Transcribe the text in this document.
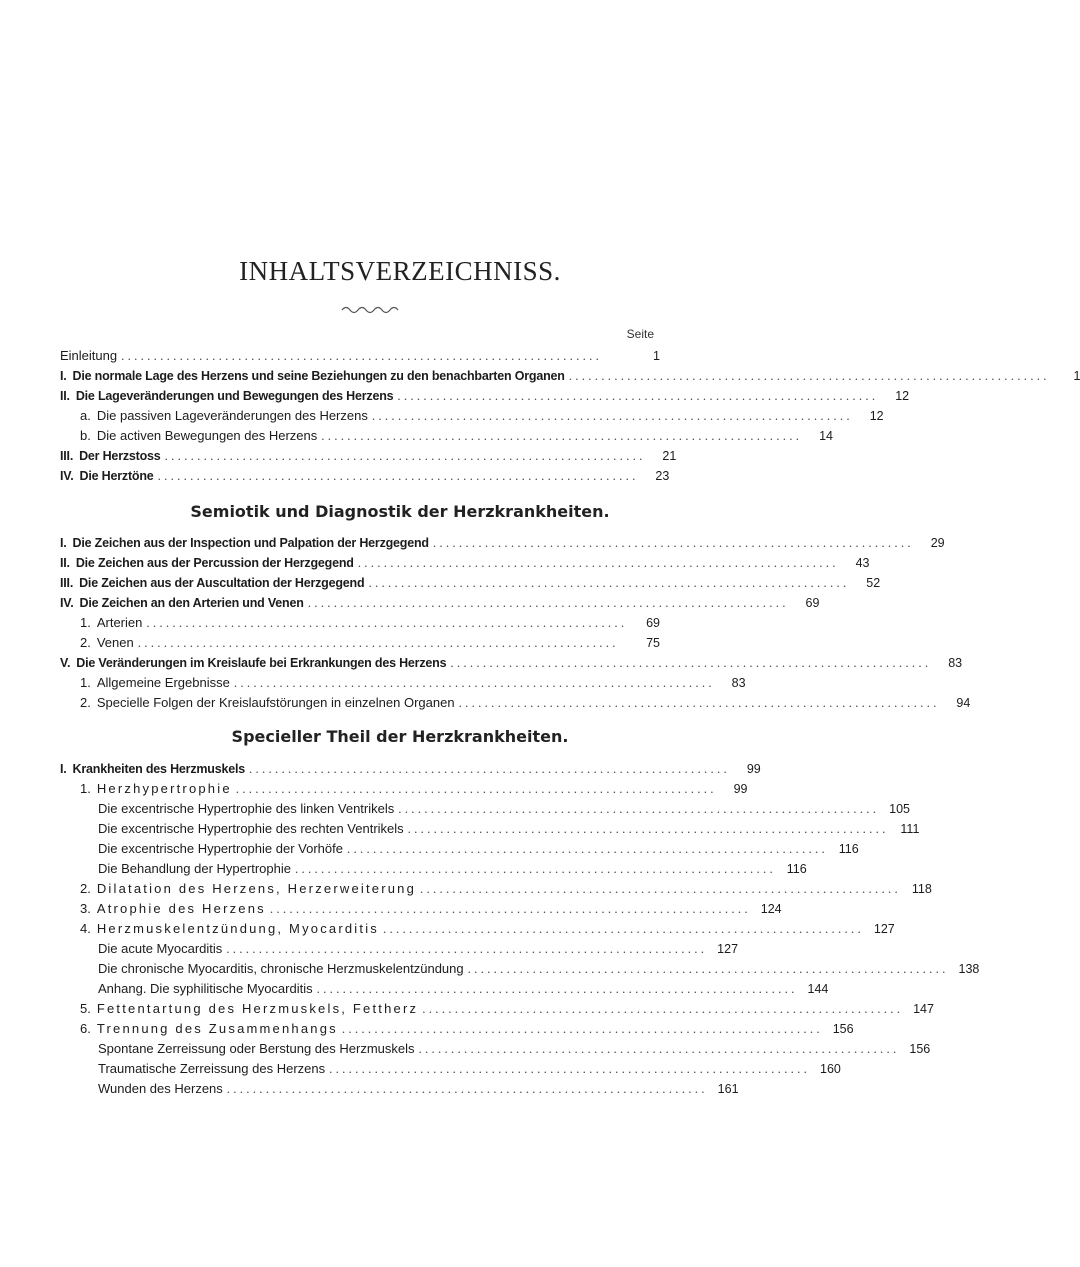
INHALTSVERZEICHNISS.
Seite
Einleitung . . .	1
I. Die normale Lage des Herzens und seine Beziehungen zu den benachbarten Organen . . .	1
II. Die Lageveränderungen und Bewegungen des Herzens . . .	12
a. Die passiven Lageveränderungen des Herzens . . .	12
b. Die activen Bewegungen des Herzens . . .	14
III. Der Herzstoss . . .	21
IV. Die Herztöne . . .	23
Semiotik und Diagnostik der Herzkrankheiten.
I. Die Zeichen aus der Inspection und Palpation der Herzgegend . . .	29
II. Die Zeichen aus der Percussion der Herzgegend . . .	43
III. Die Zeichen aus der Auscultation der Herzgegend . . .	52
IV. Die Zeichen an den Arterien und Venen . . .	69
1. Arterien . . .	69
2. Venen . . .	75
V. Die Veränderungen im Kreislaufe bei Erkrankungen des Herzens . . .	83
1. Allgemeine Ergebnisse . . .	83
2. Specielle Folgen der Kreislaufstörungen in einzelnen Organen . . .	94
Specieller Theil der Herzkrankheiten.
I. Krankheiten des Herzmuskels . . .	99
1. Herzhypertrophie . . .	99
Die excentrische Hypertrophie des linken Ventrikels . . .	105
Die excentrische Hypertrophie des rechten Ventrikels . . .	111
Die excentrische Hypertrophie der Vorhöfe . . .	116
Die Behandlung der Hypertrophie . . .	116
2. Dilatation des Herzens, Herzerweiterung . . .	118
3. Atrophie des Herzens . . .	124
4. Herzmuskelentzündung, Myocarditis . . .	127
Die acute Myocarditis . . .	127
Die chronische Myocarditis, chronische Herzmuskelentzündung . . .	138
Anhang. Die syphilitische Myocarditis . . .	144
5. Fettentartung des Herzmuskels, Fettherz . . .	147
6. Trennung des Zusammenhangs . . .	156
Spontane Zerreissung oder Berstung des Herzmuskels . . .	156
Traumatische Zerreissung des Herzens . . .	160
Wunden des Herzens . . .	161
